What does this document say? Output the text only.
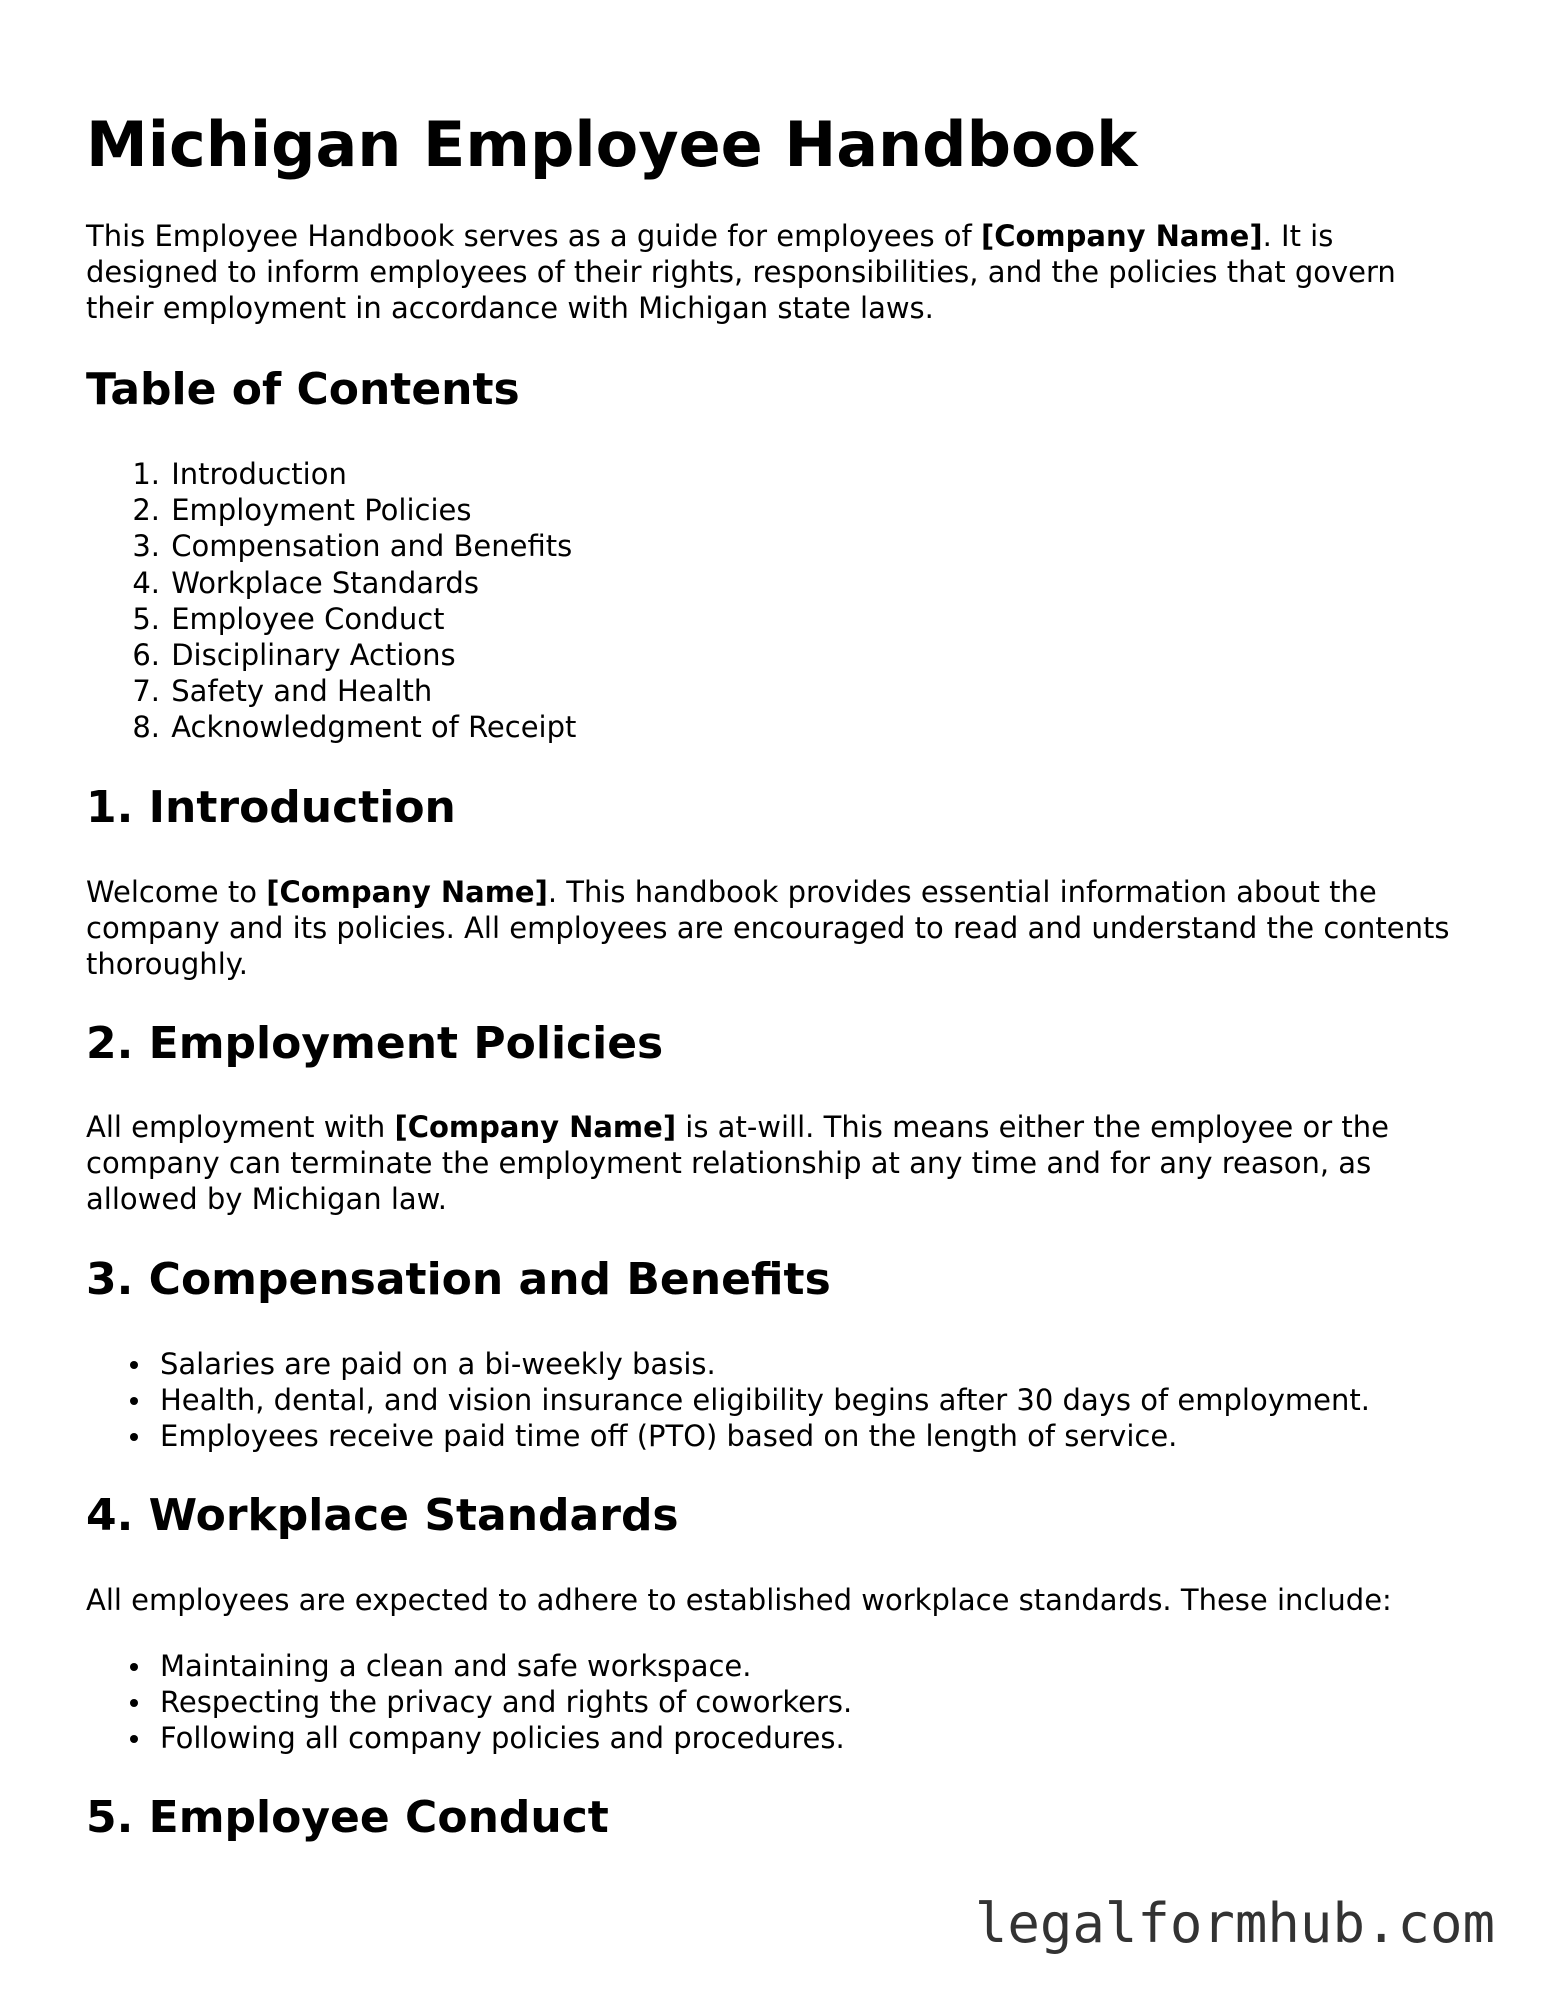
Michigan Employee Handbook

This Employee Handbook serves as a guide for employees of [Company Name]. It is designed to inform employees of their rights, responsibilities, and the policies that govern their employment in accordance with Michigan state laws.

Table of Contents
1. Introduction
2. Employment Policies
3. Compensation and Benefits
4. Workplace Standards
5. Employee Conduct
6. Disciplinary Actions
7. Safety and Health
8. Acknowledgment of Receipt
1. Introduction

Welcome to [Company Name]. This handbook provides essential information about the company and its policies. All employees are encouraged to read and understand the contents thoroughly.

2. Employment Policies

All employment with [Company Name] is at-will. This means either the employee or the company can terminate the employment relationship at any time and for any reason, as allowed by Michigan law.

3. Compensation and Benefits
Salaries are paid on a bi-weekly basis.
Health, dental, and vision insurance eligibility begins after 30 days of employment.
Employees receive paid time off (PTO) based on the length of service.
4. Workplace Standards

All employees are expected to adhere to established workplace standards. These include:

Maintaining a clean and safe workspace.
Respecting the privacy and rights of coworkers.
Following all company policies and procedures.
5. Employee Conduct
legalformhub.com
